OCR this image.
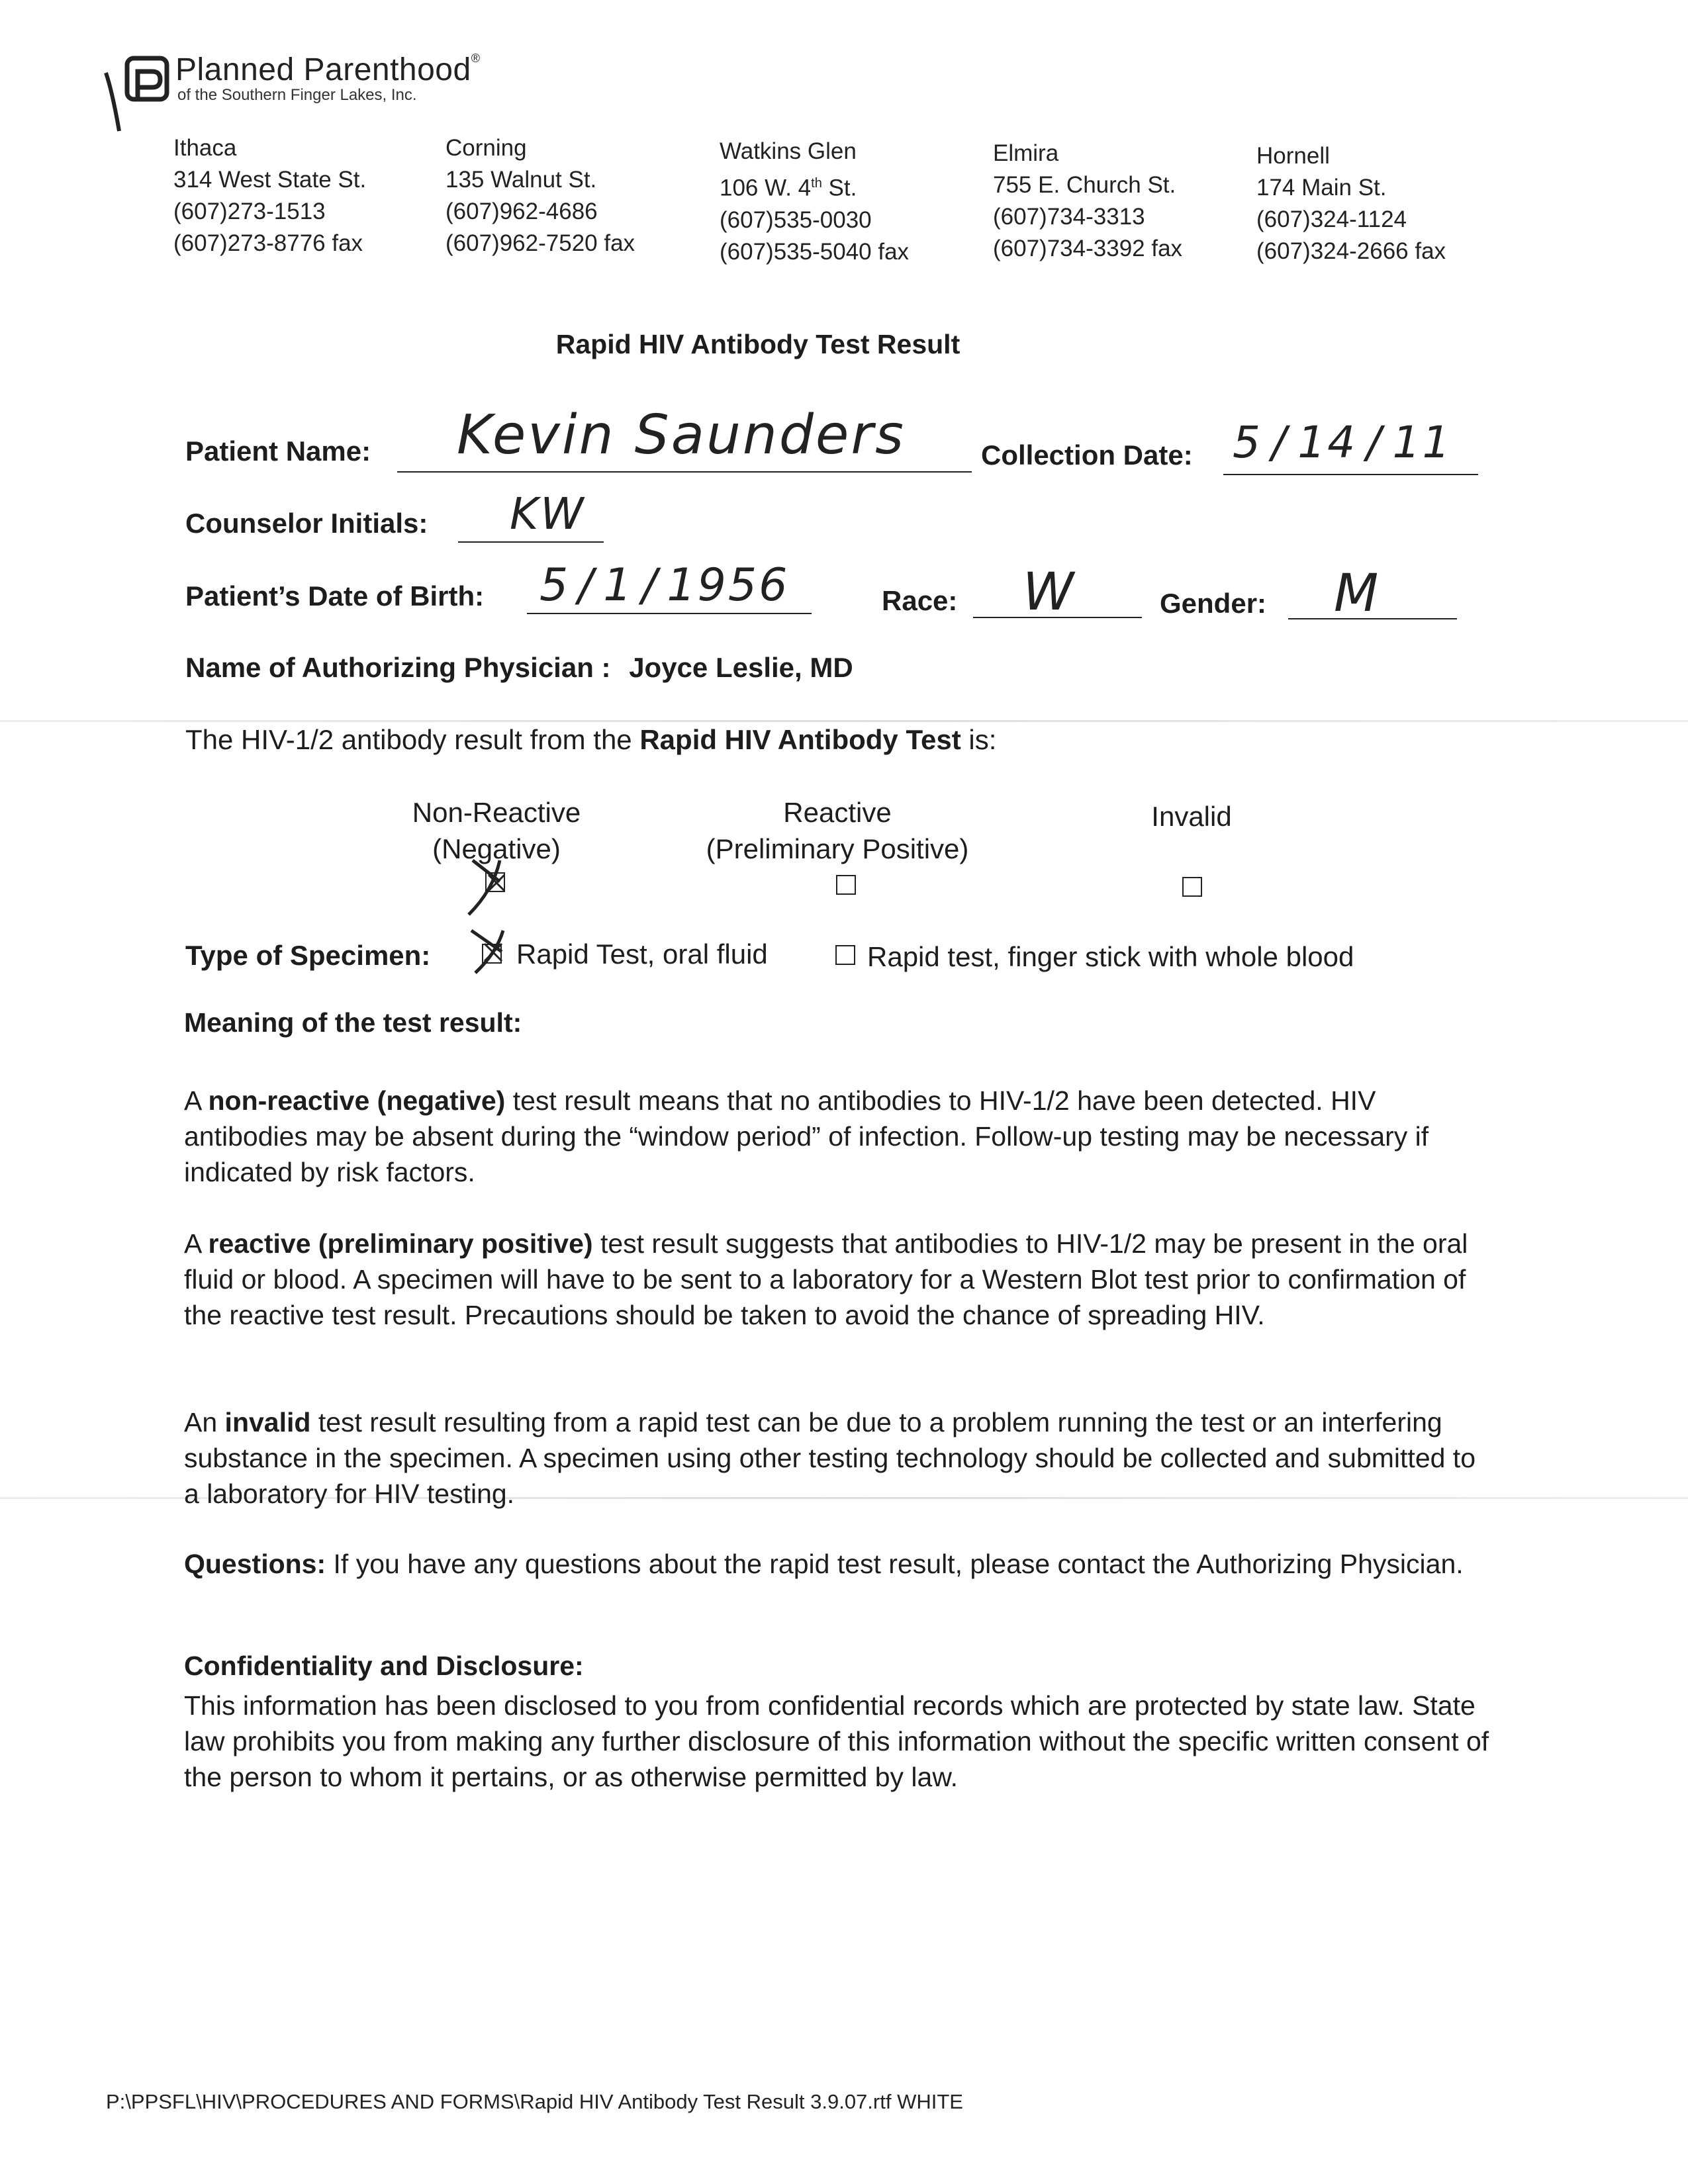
Planned Parenthood®
of the Southern Finger Lakes, Inc.
Ithaca
314 West State St.
(607)273-1513
(607)273-8776 fax
Corning
135 Walnut St.
(607)962-4686
(607)962-7520 fax
Watkins Glen
106 W. 4th St.
(607)535-0030
(607)535-5040 fax
Elmira
755 E. Church St.
(607)734-3313
(607)734-3392 fax
Hornell
174 Main St.
(607)324-1124
(607)324-2666 fax
Rapid HIV Antibody Test Result
Patient Name: Kevin Saunders	Collection Date: 5 / 14 / 11
Counselor Initials: KW
Patient’s Date of Birth: 5 / 1 / 1956	Race: W	Gender: M
Name of Authorizing Physician : Joyce Leslie, MD
The HIV-1/2 antibody result from the Rapid HIV Antibody Test is:
Non-Reactive
(Negative)
Reactive
(Preliminary Positive)
Invalid
Type of Specimen:	Rapid Test, oral fluid	Rapid test, finger stick with whole blood
Meaning of the test result:
A non-reactive (negative) test result means that no antibodies to HIV-1/2 have been detected. HIV antibodies may be absent during the “window period” of infection. Follow-up testing may be necessary if indicated by risk factors.
A reactive (preliminary positive) test result suggests that antibodies to HIV-1/2 may be present in the oral fluid or blood. A specimen will have to be sent to a laboratory for a Western Blot test prior to confirmation of the reactive test result. Precautions should be taken to avoid the chance of spreading HIV.
An invalid test result resulting from a rapid test can be due to a problem running the test or an interfering substance in the specimen. A specimen using other testing technology should be collected and submitted to a laboratory for HIV testing.
Questions: If you have any questions about the rapid test result, please contact the Authorizing Physician.
Confidentiality and Disclosure:
This information has been disclosed to you from confidential records which are protected by state law. State law prohibits you from making any further disclosure of this information without the specific written consent of the person to whom it pertains, or as otherwise permitted by law.
P:\PPSFL\HIV\PROCEDURES AND FORMS\Rapid HIV Antibody Test Result 3.9.07.rtf WHITE
